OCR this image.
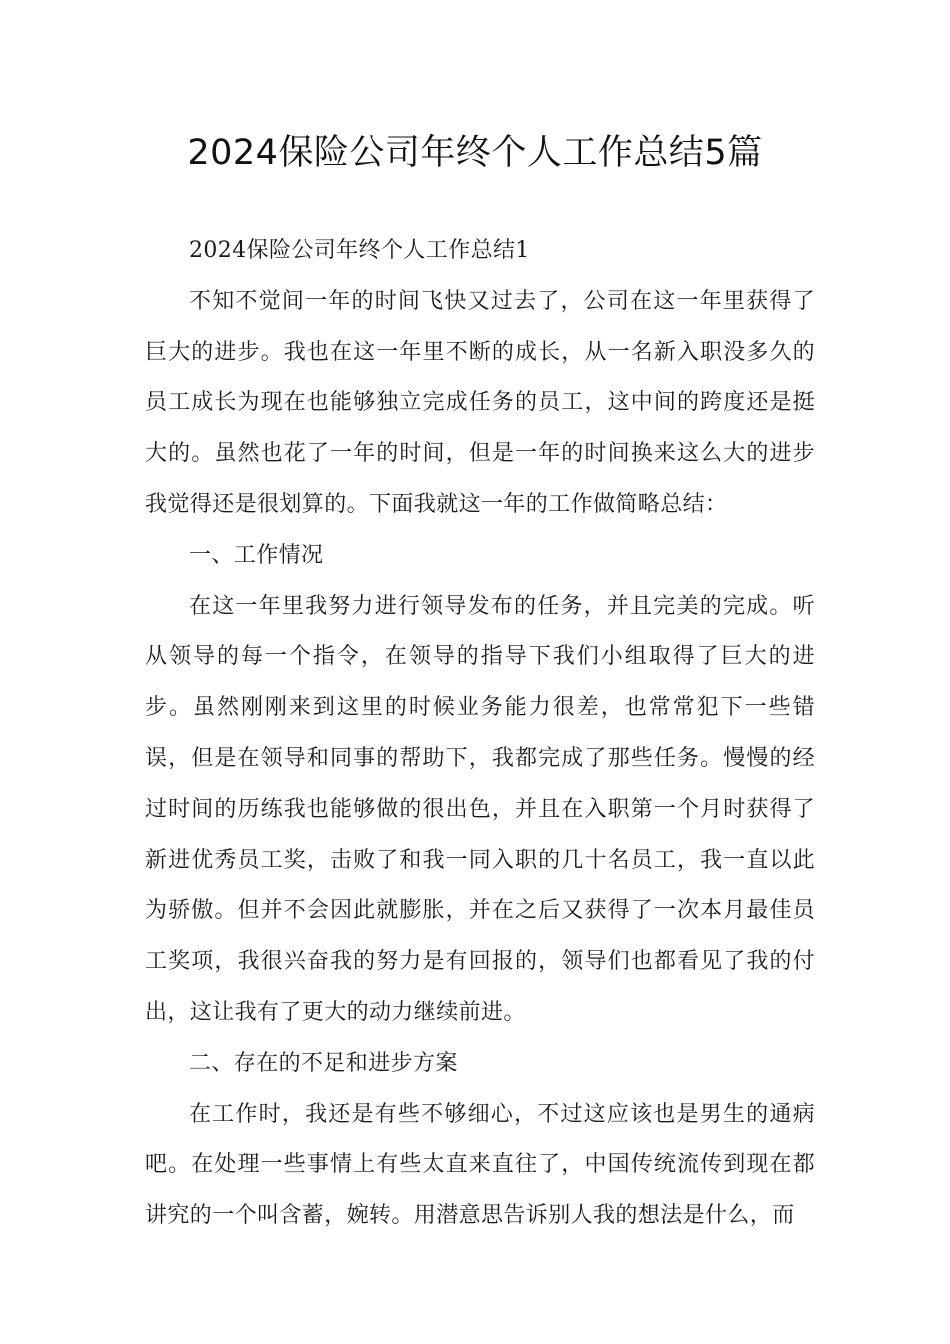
2024保险公司年终个人工作总结5篇

2024保险公司年终个人工作总结1

不知不觉间一年的时间飞快又过去了，公司在这一年里获得了巨大的进步。我也在这一年里不断的成长，从一名新入职没多久的员工成长为现在也能够独立完成任务的员工，这中间的跨度还是挺大的。虽然也花了一年的时间，但是一年的时间换来这么大的进步我觉得还是很划算的。下面我就这一年的工作做简略总结：

一、工作情况

在这一年里我努力进行领导发布的任务，并且完美的完成。听从领导的每一个指令，在领导的指导下我们小组取得了巨大的进步。虽然刚刚来到这里的时候业务能力很差，也常常犯下一些错误，但是在领导和同事的帮助下，我都完成了那些任务。慢慢的经过时间的历练我也能够做的很出色，并且在入职第一个月时获得了新进优秀员工奖，击败了和我一同入职的几十名员工，我一直以此为骄傲。但并不会因此就膨胀，并在之后又获得了一次本月最佳员工奖项，我很兴奋我的努力是有回报的，领导们也都看见了我的付出，这让我有了更大的动力继续前进。

二、存在的不足和进步方案

在工作时，我还是有些不够细心，不过这应该也是男生的通病吧。在处理一些事情上有些太直来直往了，中国传统流传到现在都讲究的一个叫含蓄，婉转。用潜意思告诉别人我的想法是什么，而
